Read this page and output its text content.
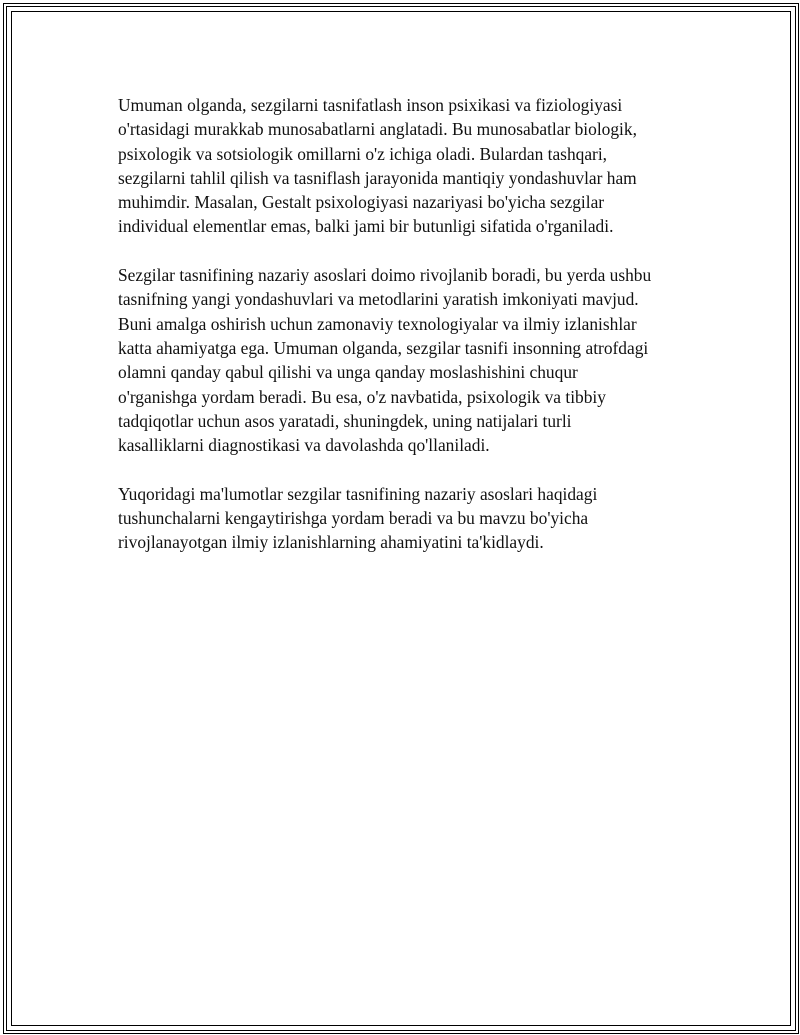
Umuman olganda, sezgilarni tasnifatlash inson psixikasi va fiziologiyasi
o'rtasidagi murakkab munosabatlarni anglatadi. Bu munosabatlar biologik,
psixologik va sotsiologik omillarni o'z ichiga oladi. Bulardan tashqari,
sezgilarni tahlil qilish va tasniflash jarayonida mantiqiy yondashuvlar ham
muhimdir. Masalan, Gestalt psixologiyasi nazariyasi bo'yicha sezgilar
individual elementlar emas, balki jami bir butunligi sifatida o'rganiladi.

Sezgilar tasnifining nazariy asoslari doimo rivojlanib boradi, bu yerda ushbu
tasnifning yangi yondashuvlari va metodlarini yaratish imkoniyati mavjud.
Buni amalga oshirish uchun zamonaviy texnologiyalar va ilmiy izlanishlar
katta ahamiyatga ega. Umuman olganda, sezgilar tasnifi insonning atrofdagi
olamni qanday qabul qilishi va unga qanday moslashishini chuqur
o'rganishga yordam beradi. Bu esa, o'z navbatida, psixologik va tibbiy
tadqiqotlar uchun asos yaratadi, shuningdek, uning natijalari turli
kasalliklarni diagnostikasi va davolashda qo'llaniladi.

Yuqoridagi ma'lumotlar sezgilar tasnifining nazariy asoslari haqidagi
tushunchalarni kengaytirishga yordam beradi va bu mavzu bo'yicha
rivojlanayotgan ilmiy izlanishlarning ahamiyatini ta'kidlaydi.
